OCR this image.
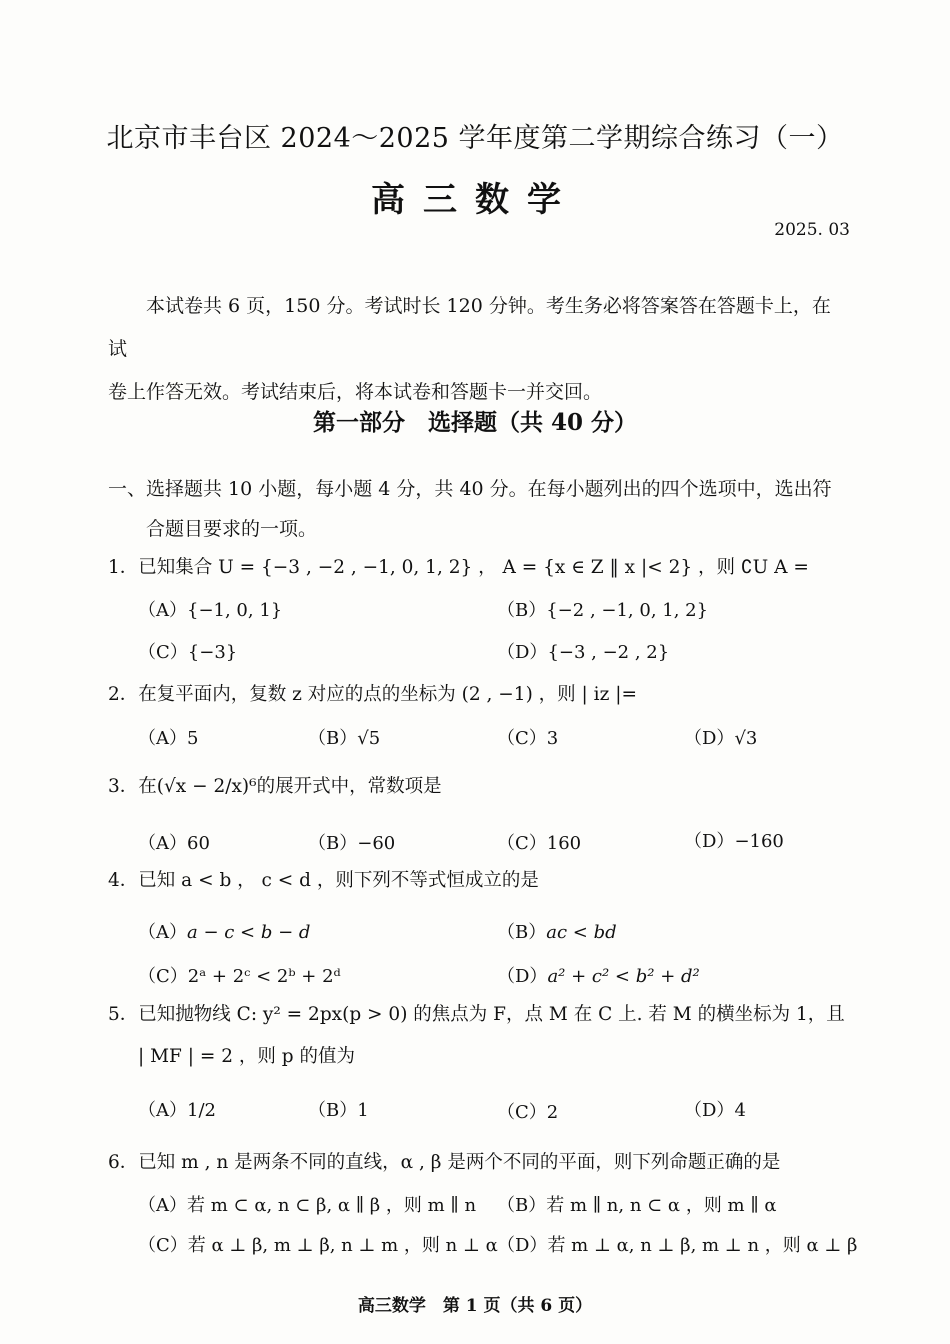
北京市丰台区 2024～2025 学年度第二学期综合练习（一）
高三数学
2025. 03

本试卷共 6 页，150 分。考试时长 120 分钟。考生务必将答案答在答题卡上，在试

卷上作答无效。考试结束后，将本试卷和答题卡一并交回。

第一部分　选择题（共 40 分）
一、选择题共 10 小题，每小题 4 分，共 40 分。在每小题列出的四个选项中，选出符
合题目要求的一项。
1．已知集合 U = {−3 , −2 , −1, 0, 1, 2} ， A = {x ∈ Z ‖ x |< 2} ，则 ∁U A =
（A）{−1, 0, 1}	（B）{−2 , −1, 0, 1, 2}
（C）{−3}	（D）{−3 , −2 , 2}
2．在复平面内，复数 z 对应的点的坐标为 (2 , −1) ，则 | iz |=
（A）5	（B）√5	（C）3	（D）√3
3．在(√x − 2/x)⁶的展开式中，常数项是
（A）60	（B）−60	（C）160	（D）−160
4．已知 a < b ， c < d ，则下列不等式恒成立的是
（A）a − c < b − d	（B）ac < bd
（C）2ᵃ + 2ᶜ < 2ᵇ + 2ᵈ	（D）a² + c² < b² + d²
5．已知抛物线 C: y² = 2px(p > 0) 的焦点为 F，点 M 在 C 上. 若 M 的横坐标为 1，且
| MF | = 2 ，则 p 的值为
（A）1/2	（B）1	（C）2	（D）4
6．已知 m , n 是两条不同的直线，α , β 是两个不同的平面，则下列命题正确的是
（A）若 m ⊂ α, n ⊂ β, α ∥ β ，则 m ∥ n （B）若 m ∥ n, n ⊂ α ，则 m ∥ α
（C）若 α ⊥ β, m ⊥ β, n ⊥ m ，则 n ⊥ α （D）若 m ⊥ α, n ⊥ β, m ⊥ n ，则 α ⊥ β
高三数学　第 1 页（共 6 页）
